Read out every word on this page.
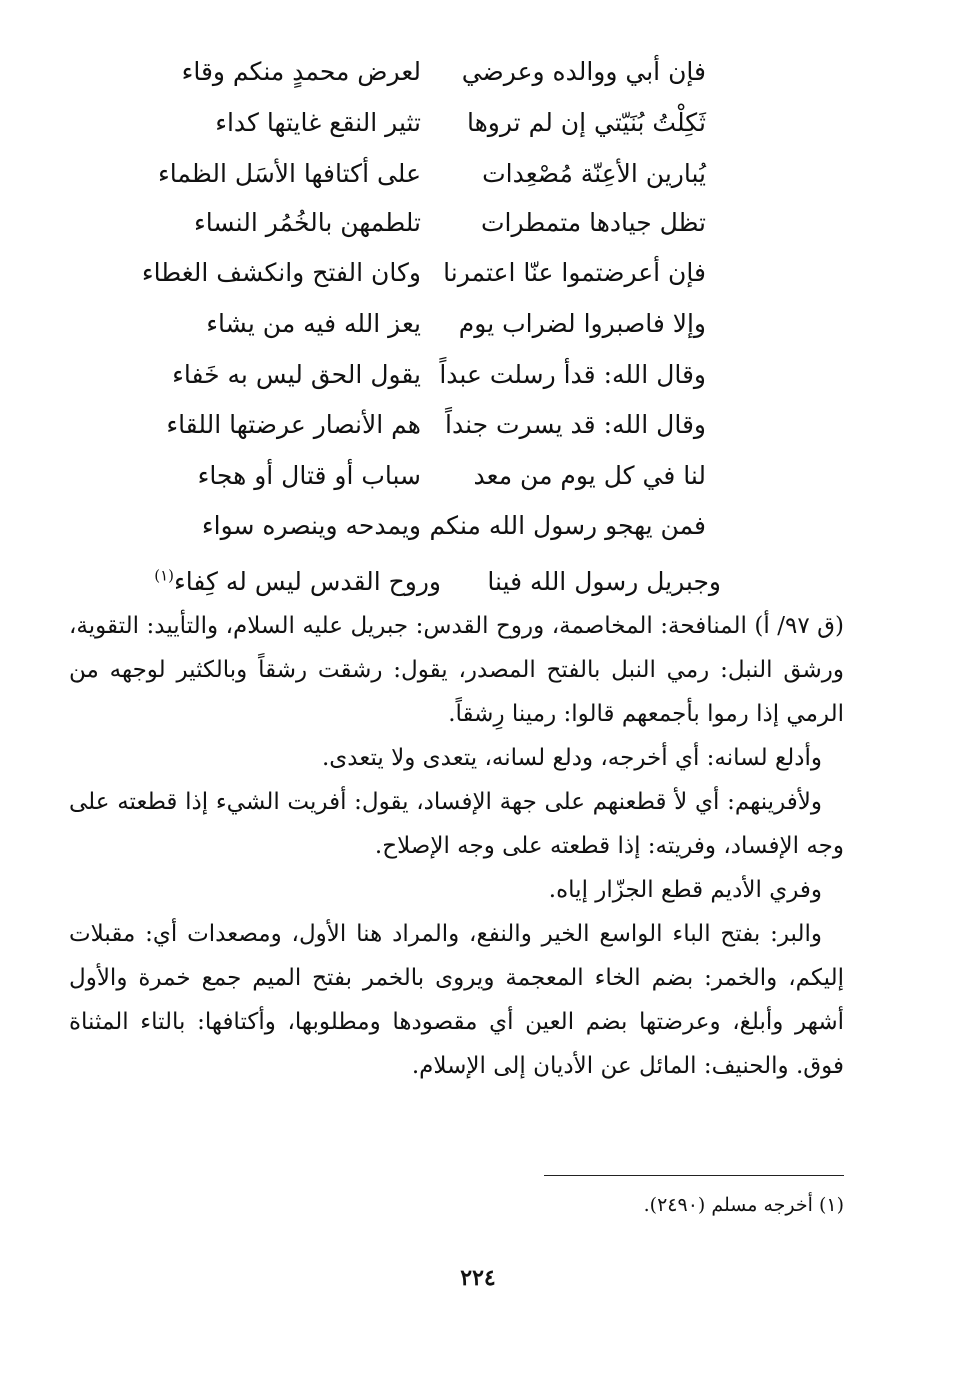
فإن أبي ووالده وعرضي
لعرض محمدٍ منكم وقاء
ثَكِلْتُ بُنَيّتي إن لم تروها
تثير النقع غايتها كداء
يُبارين الأعِنّة مُصْعِدات
على أكتافها الأسَل الظماء
تظل جيادها متمطرات
تلطمهن بالخُمُر النساء
فإن أعرضتموا عنّا اعتمرنا
وكان الفتح وانكشف الغطاء
وإلا فاصبروا لضراب يوم
يعز الله فيه من يشاء
وقال الله: قدأ رسلت عبداً
يقول الحق ليس به خَفاء
وقال الله: قد يسرت جنداً
هم الأنصار عرضتها اللقاء
لنا في كل يوم من معد
سباب أو قتال أو هجاء
فمن يهجو رسول الله منكم
ويمدحه وينصره سواء
وجبريل رسول الله فينا
وروح القدس ليس له كِفاء$^{(١)}$

(ق ٩٧/ أ) المنافحة: المخاصمة، وروح القدس: جبريل عليه السلام، والتأييد: التقوية، ورشق النبل: رمي النبل بالفتح المصدر، يقول: رشقت رشقاً وبالكثير لوجهه من الرمي إذا رموا بأجمعهم قالوا: رمينا رِشقاً.

وأدلع لسانه: أي أخرجه، ودلع لسانه، يتعدى ولا يتعدى.

ولأفرينهم: أي لأ قطعنهم على جهة الإفساد، يقول: أفريت الشيء إذا قطعته على وجه الإفساد، وفريته: إذا قطعته على وجه الإصلاح.

وفري الأديم قطع الجزّار إياه.

والبر: بفتح الباء الواسع الخير والنفع، والمراد هنا الأول، ومصعدات أي: مقبلات إليكم، والخمر: بضم الخاء المعجمة ويروى بالخمر بفتح الميم جمع خمرة والأول أشهر وأبلغ، وعرضتها بضم العين أي مقصودها ومطلوبها، وأكتافها: بالتاء المثناة فوق. والحنيف: المائل عن الأديان إلى الإسلام.

(١) أخرجه مسلم (٢٤٩٠).
٢٢٤
